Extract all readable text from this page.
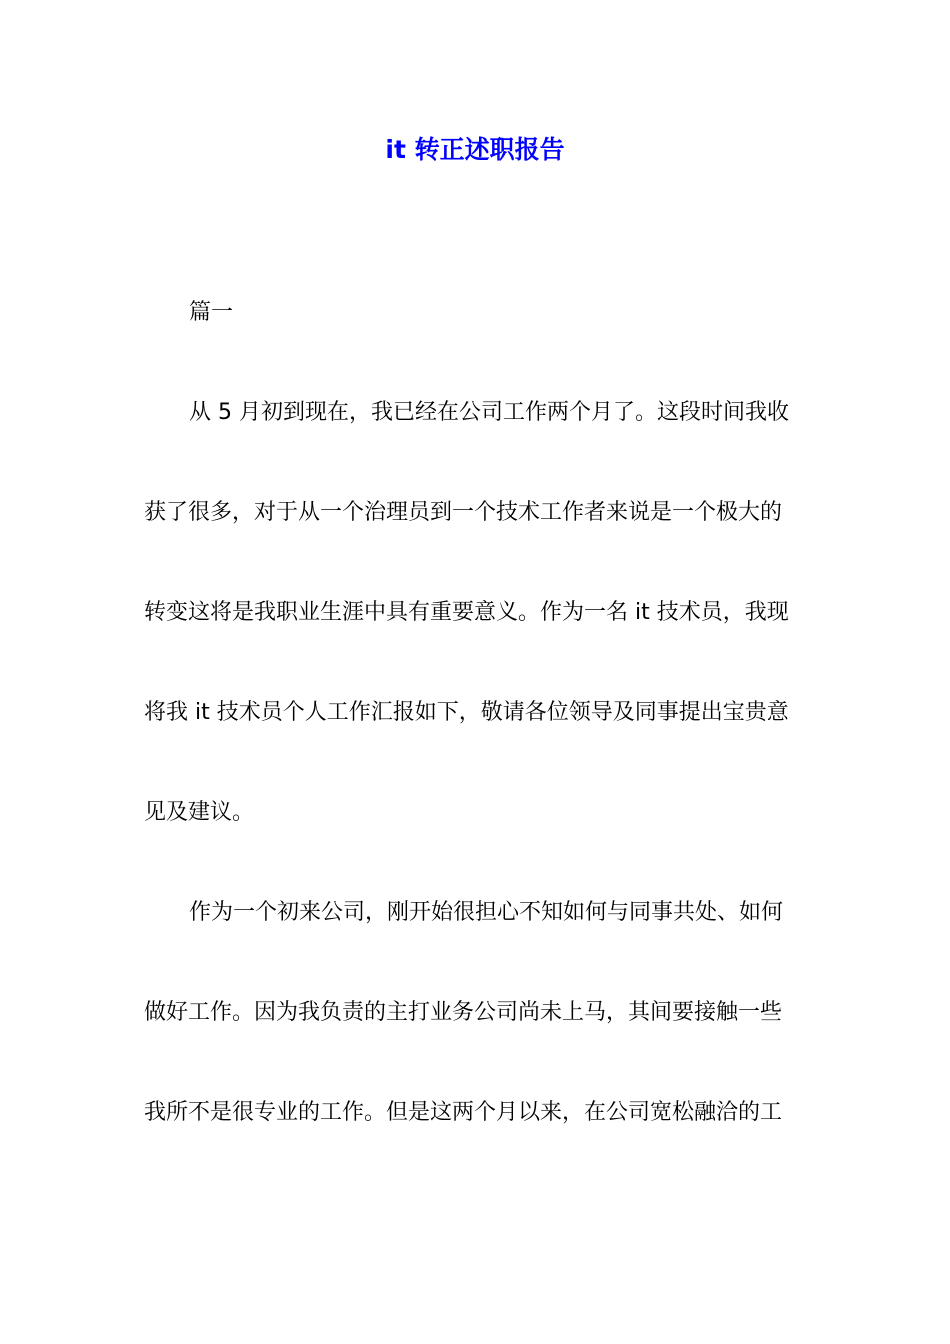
it 转正述职报告

篇一

从 5 月初到现在，我已经在公司工作两个月了。这段时间我收
获了很多，对于从一个治理员到一个技术工作者来说是一个极大的
转变这将是我职业生涯中具有重要意义。作为一名 it 技术员，我现
将我 it 技术员个人工作汇报如下，敬请各位领导及同事提出宝贵意
见及建议。

作为一个初来公司，刚开始很担心不知如何与同事共处、如何
做好工作。因为我负责的主打业务公司尚未上马，其间要接触一些
我所不是很专业的工作。但是这两个月以来，在公司宽松融洽的工
